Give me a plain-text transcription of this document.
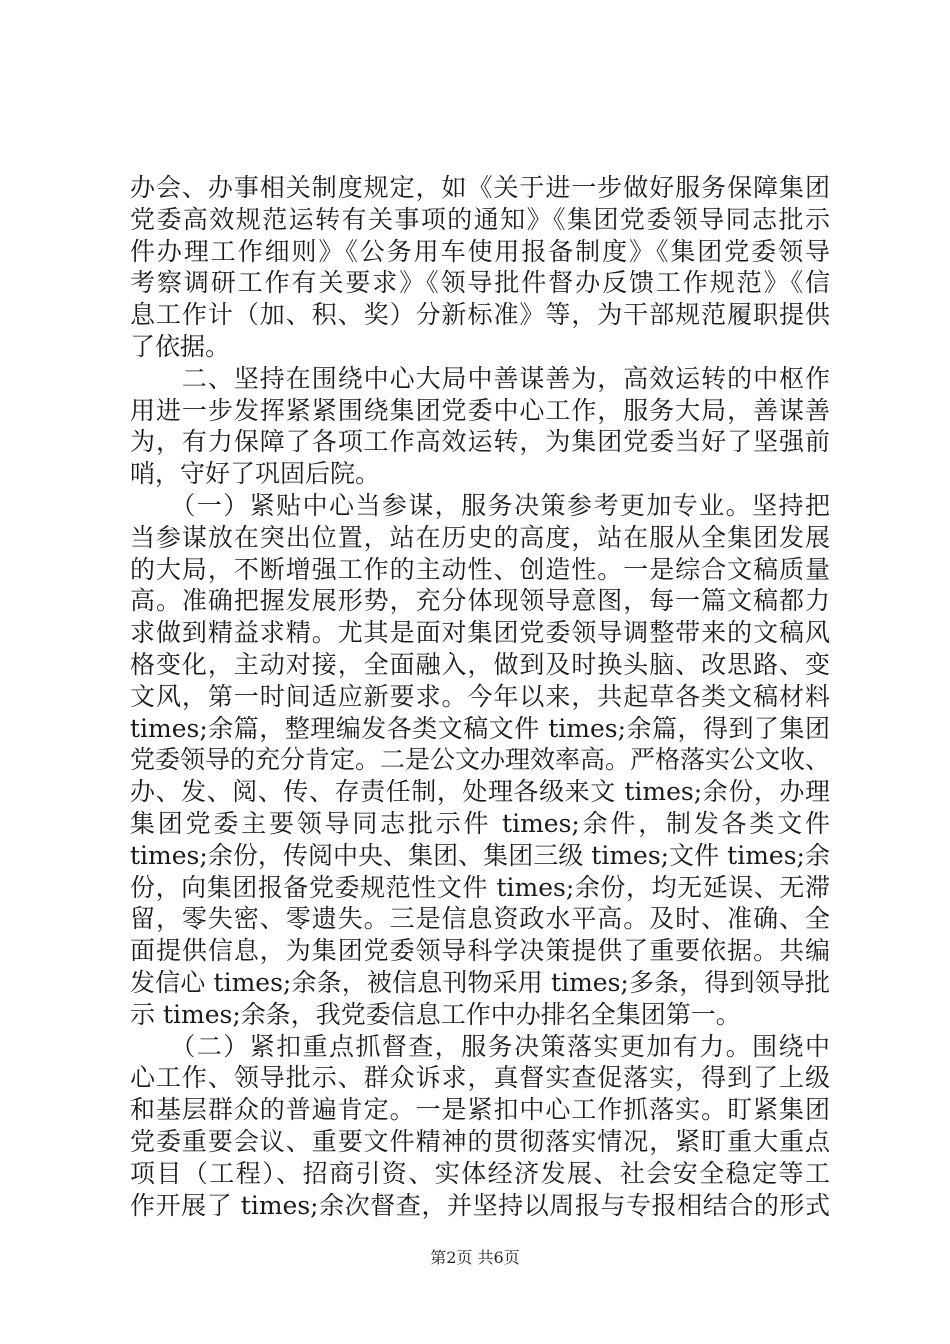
办会、办事相关制度规定，如《关于进一步做好服务保障集团
党委高效规范运转有关事项的通知》《集团党委领导同志批示
件办理工作细则》《公务用车使用报备制度》《集团党委领导
考察调研工作有关要求》《领导批件督办反馈工作规范》《信
息工作计（加、积、奖）分新标准》等，为干部规范履职提供
了依据。
　　二、坚持在围绕中心大局中善谋善为，高效运转的中枢作
用进一步发挥紧紧围绕集团党委中心工作，服务大局，善谋善
为，有力保障了各项工作高效运转，为集团党委当好了坚强前
哨，守好了巩固后院。
　　（一）紧贴中心当参谋，服务决策参考更加专业。坚持把
当参谋放在突出位置，站在历史的高度，站在服从全集团发展
的大局，不断增强工作的主动性、创造性。一是综合文稿质量
高。准确把握发展形势，充分体现领导意图，每一篇文稿都力
求做到精益求精。尤其是面对集团党委领导调整带来的文稿风
格变化，主动对接，全面融入，做到及时换头脑、改思路、变
文风，第一时间适应新要求。今年以来，共起草各类文稿材料
times;余篇，整理编发各类文稿文件 times;余篇，得到了集团
党委领导的充分肯定。二是公文办理效率高。严格落实公文收、
办、发、阅、传、存责任制，处理各级来文 times;余份，办理
集团党委主要领导同志批示件 times;余件，制发各类文件
times;余份，传阅中央、集团、集团三级 times;文件 times;余
份，向集团报备党委规范性文件 times;余份，均无延误、无滞
留，零失密、零遗失。三是信息资政水平高。及时、准确、全
面提供信息，为集团党委领导科学决策提供了重要依据。共编
发信心 times;余条，被信息刊物采用 times;多条，得到领导批
示 times;余条，我党委信息工作中办排名全集团第一。
　　（二）紧扣重点抓督查，服务决策落实更加有力。围绕中
心工作、领导批示、群众诉求，真督实查促落实，得到了上级
和基层群众的普遍肯定。一是紧扣中心工作抓落实。盯紧集团
党委重要会议、重要文件精神的贯彻落实情况，紧盯重大重点
项目（工程）、招商引资、实体经济发展、社会安全稳定等工
作开展了 times;余次督查，并坚持以周报与专报相结合的形式
第2页 共6页
